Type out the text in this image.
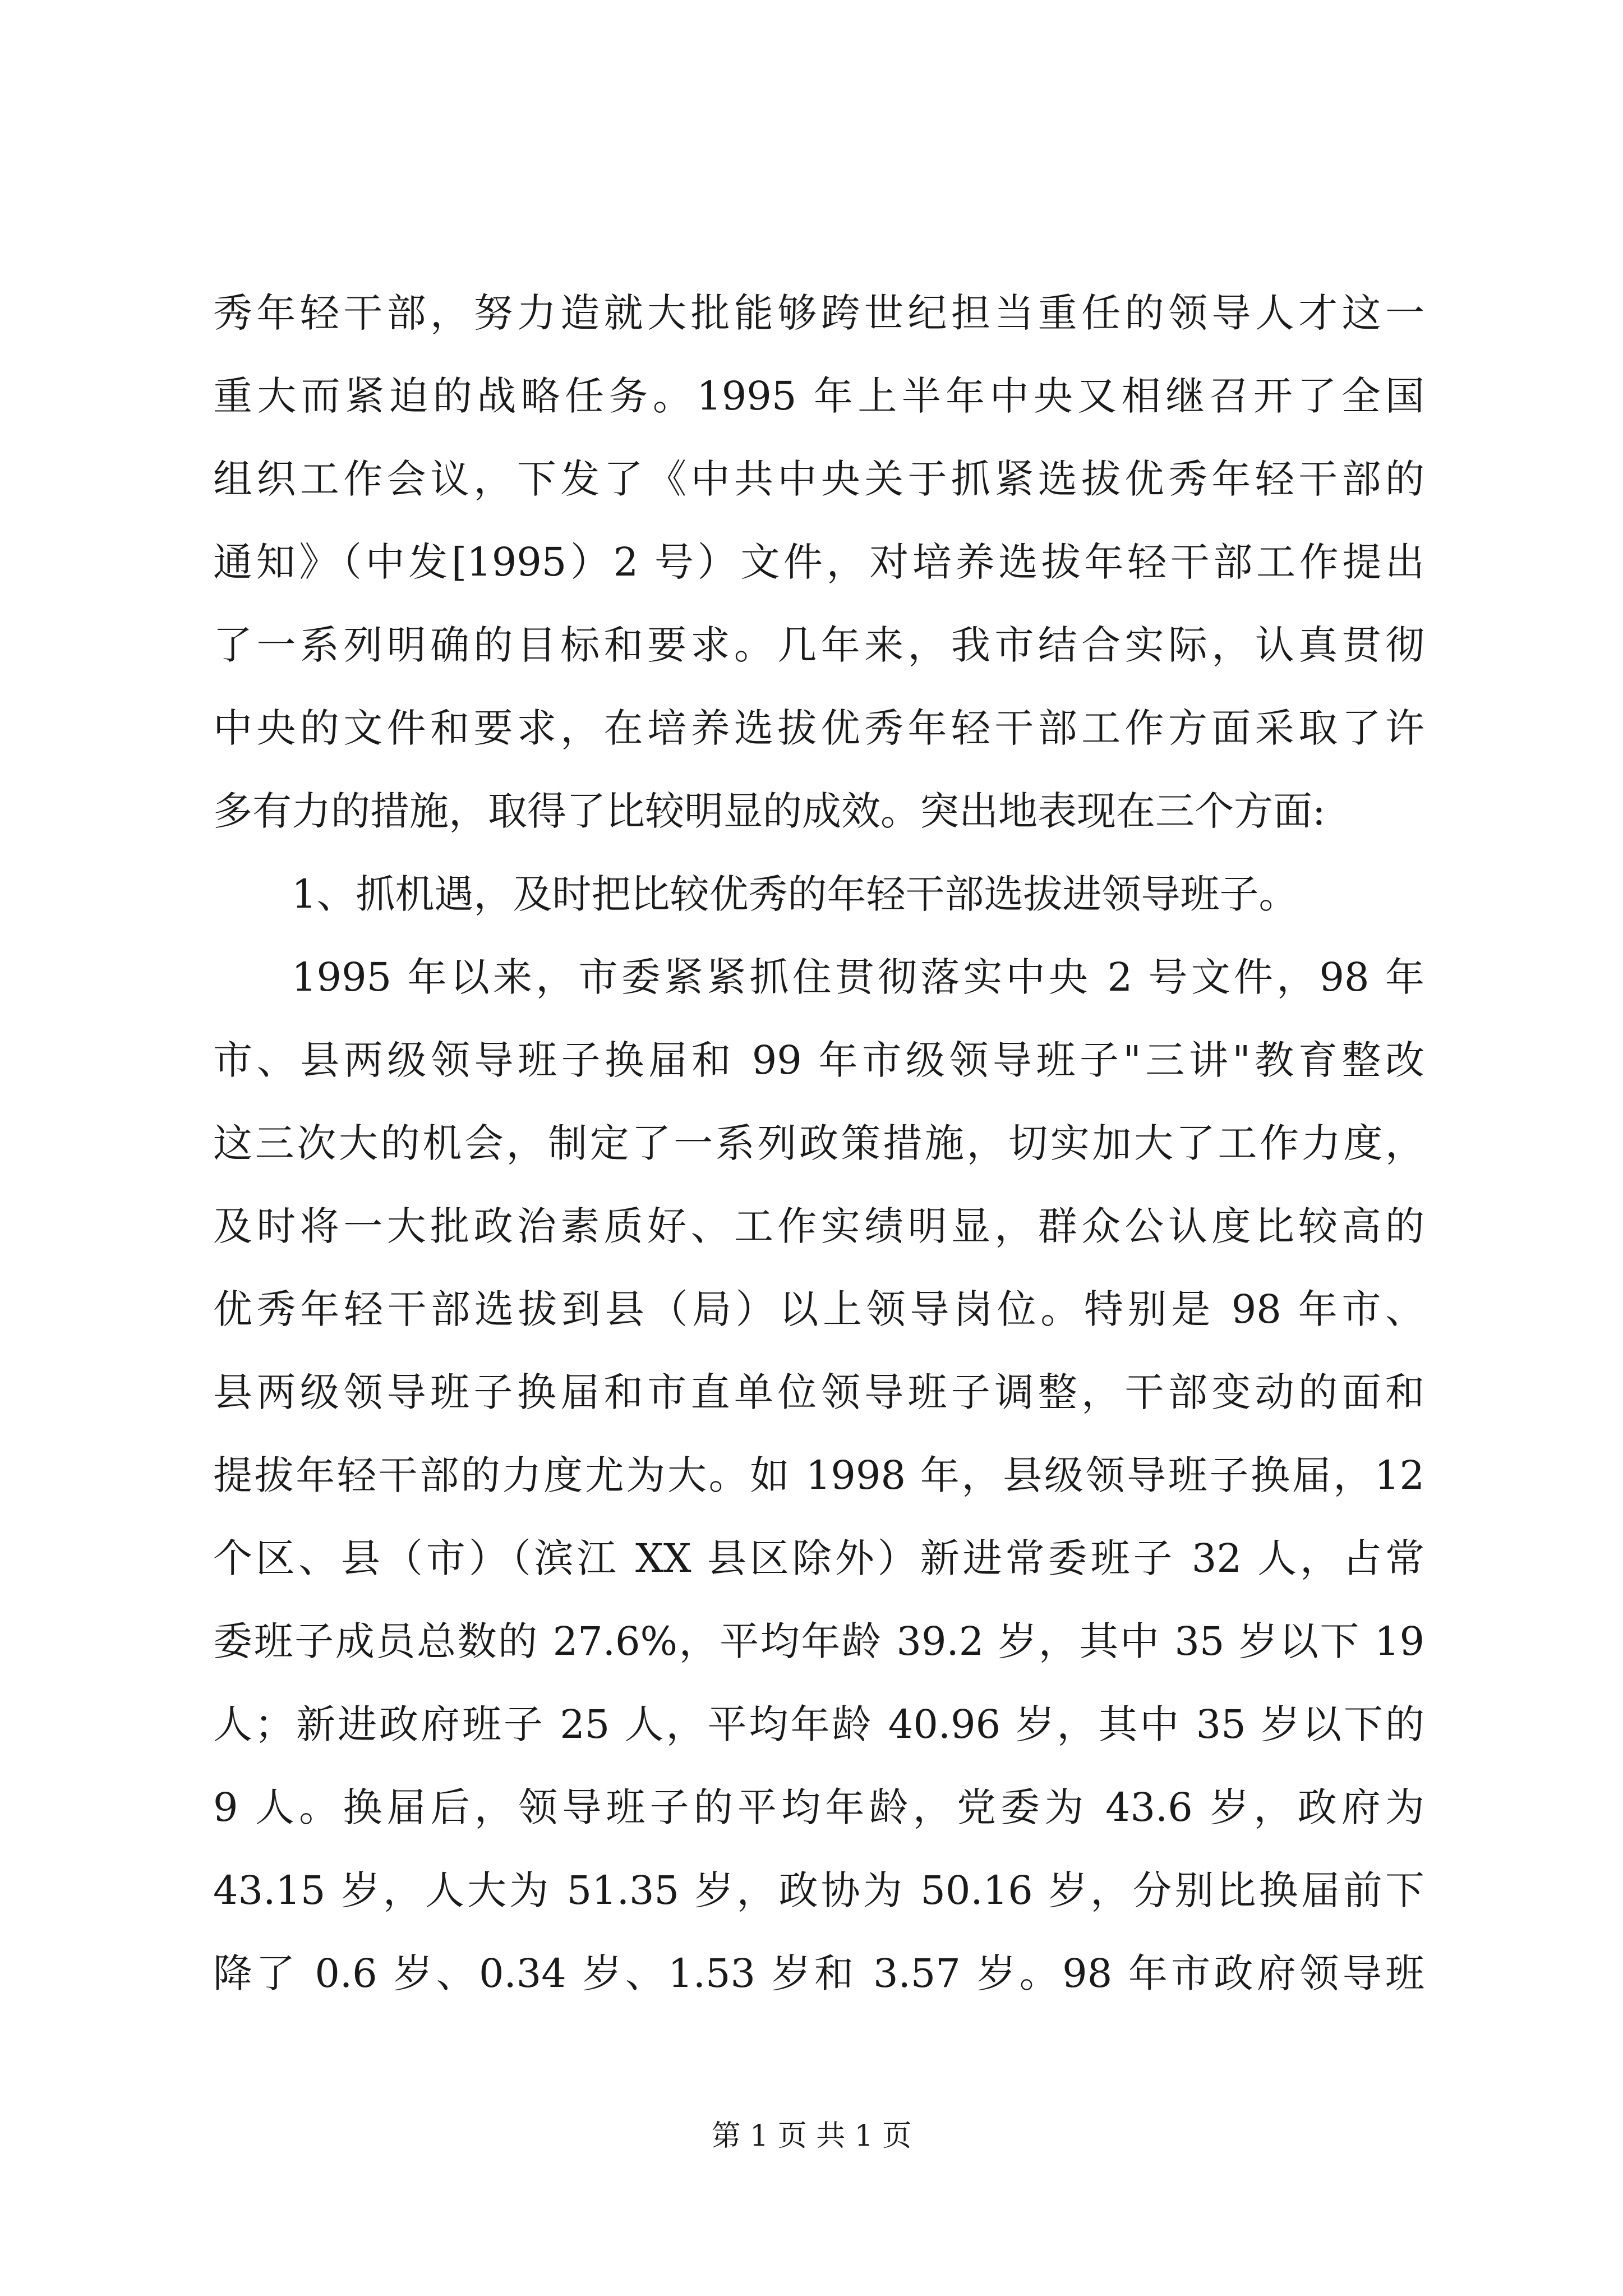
秀年轻干部，努力造就大批能够跨世纪担当重任的领导人才这一
重大而紧迫的战略任务。1995 年上半年中央又相继召开了全国
组织工作会议，下发了《中共中央关于抓紧选拔优秀年轻干部的
通知》（中发[1995）2 号）文件，对培养选拔年轻干部工作提出
了一系列明确的目标和要求。几年来，我市结合实际，认真贯彻
中央的文件和要求，在培养选拔优秀年轻干部工作方面采取了许
多有力的措施，取得了比较明显的成效。突出地表现在三个方面:
1、抓机遇，及时把比较优秀的年轻干部选拔进领导班子。
1995 年以来，市委紧紧抓住贯彻落实中央 2 号文件，98 年
市、县两级领导班子换届和 99 年市级领导班子"三讲"教育整改
这三次大的机会，制定了一系列政策措施，切实加大了工作力度，
及时将一大批政治素质好、工作实绩明显，群众公认度比较高的
优秀年轻干部选拔到县（局）以上领导岗位。特别是 98 年市、
县两级领导班子换届和市直单位领导班子调整，干部变动的面和
提拔年轻干部的力度尤为大。如 1998 年，县级领导班子换届，12
个区、县（市）（滨江 XX 县区除外）新进常委班子 32 人，占常
委班子成员总数的 27.6%，平均年龄 39.2 岁，其中 35 岁以下 19
人；新进政府班子 25 人，平均年龄 40.96 岁，其中 35 岁以下的
9 人。换届后，领导班子的平均年龄，党委为 43.6 岁，政府为
43.15 岁，人大为 51.35 岁，政协为 50.16 岁，分别比换届前下
降了 0.6 岁、0.34 岁、1.53 岁和 3.57 岁。98 年市政府领导班
第 1 页 共 1 页
